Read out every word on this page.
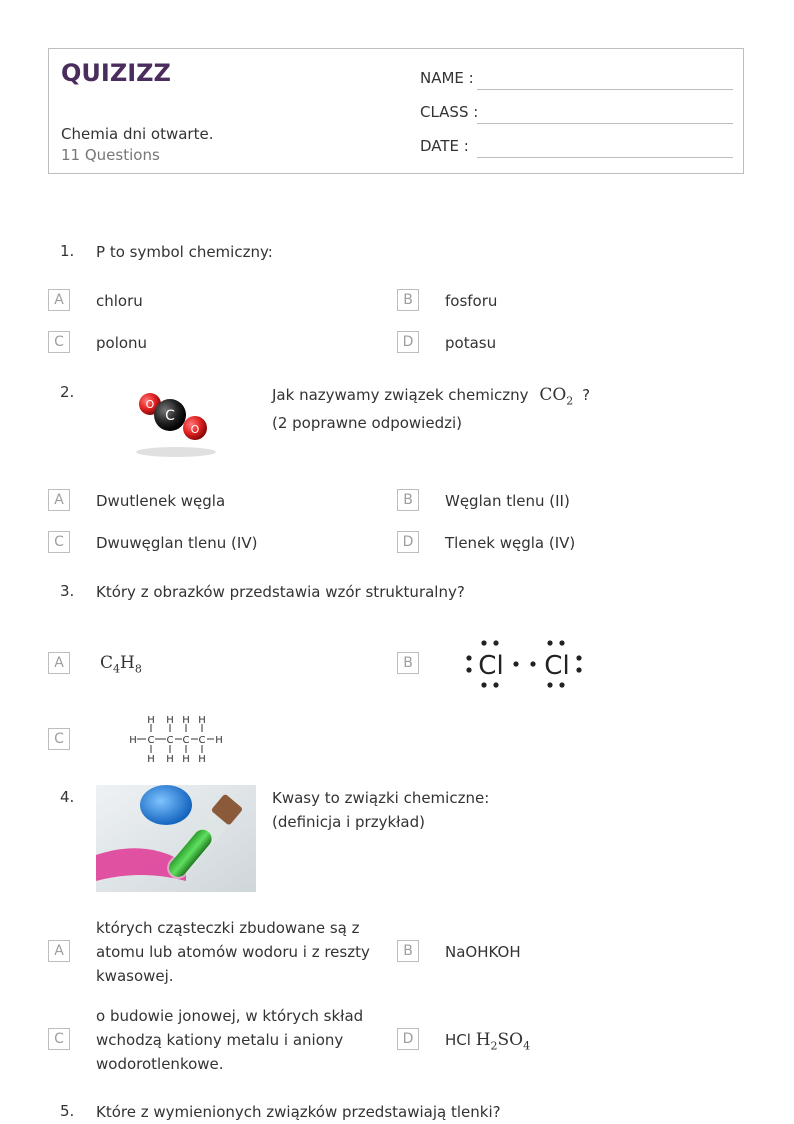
QUIZIZZ
Chemia dni otwarte.
11 Questions
NAME :
CLASS :
DATE :
1. P to symbol chemiczny:
A	chloru	B	fosforu
C	polonu	D	potasu
2.
O
C
O
Jak nazywamy związek chemiczny $CO_2$ ?
(2 poprawne odpowiedzi)
A	Dwutlenek węgla	B	Węglan tlenu (II)
C	Dwuwęglan tlenu (IV)	D	Tlenek węgla (IV)
3. Który z obrazków przedstawia wzór strukturalny?
A	$C_4H_8$	B	Cl Cl
C	H C C C C H
H H H H
H H H H
4.	Kwasy to związki chemiczne:
(definicja i przykład)
A
których cząsteczki zbudowane są z
atomu lub atomów wodoru i z reszty
kwasowej.
B	NaOHKOH
C
o budowie jonowej, w których skład
wchodzą kationy metalu i aniony
wodorotlenkowe.
D	HCl $H_2SO_4$
5. Które z wymienionych związków przedstawiają tlenki?
